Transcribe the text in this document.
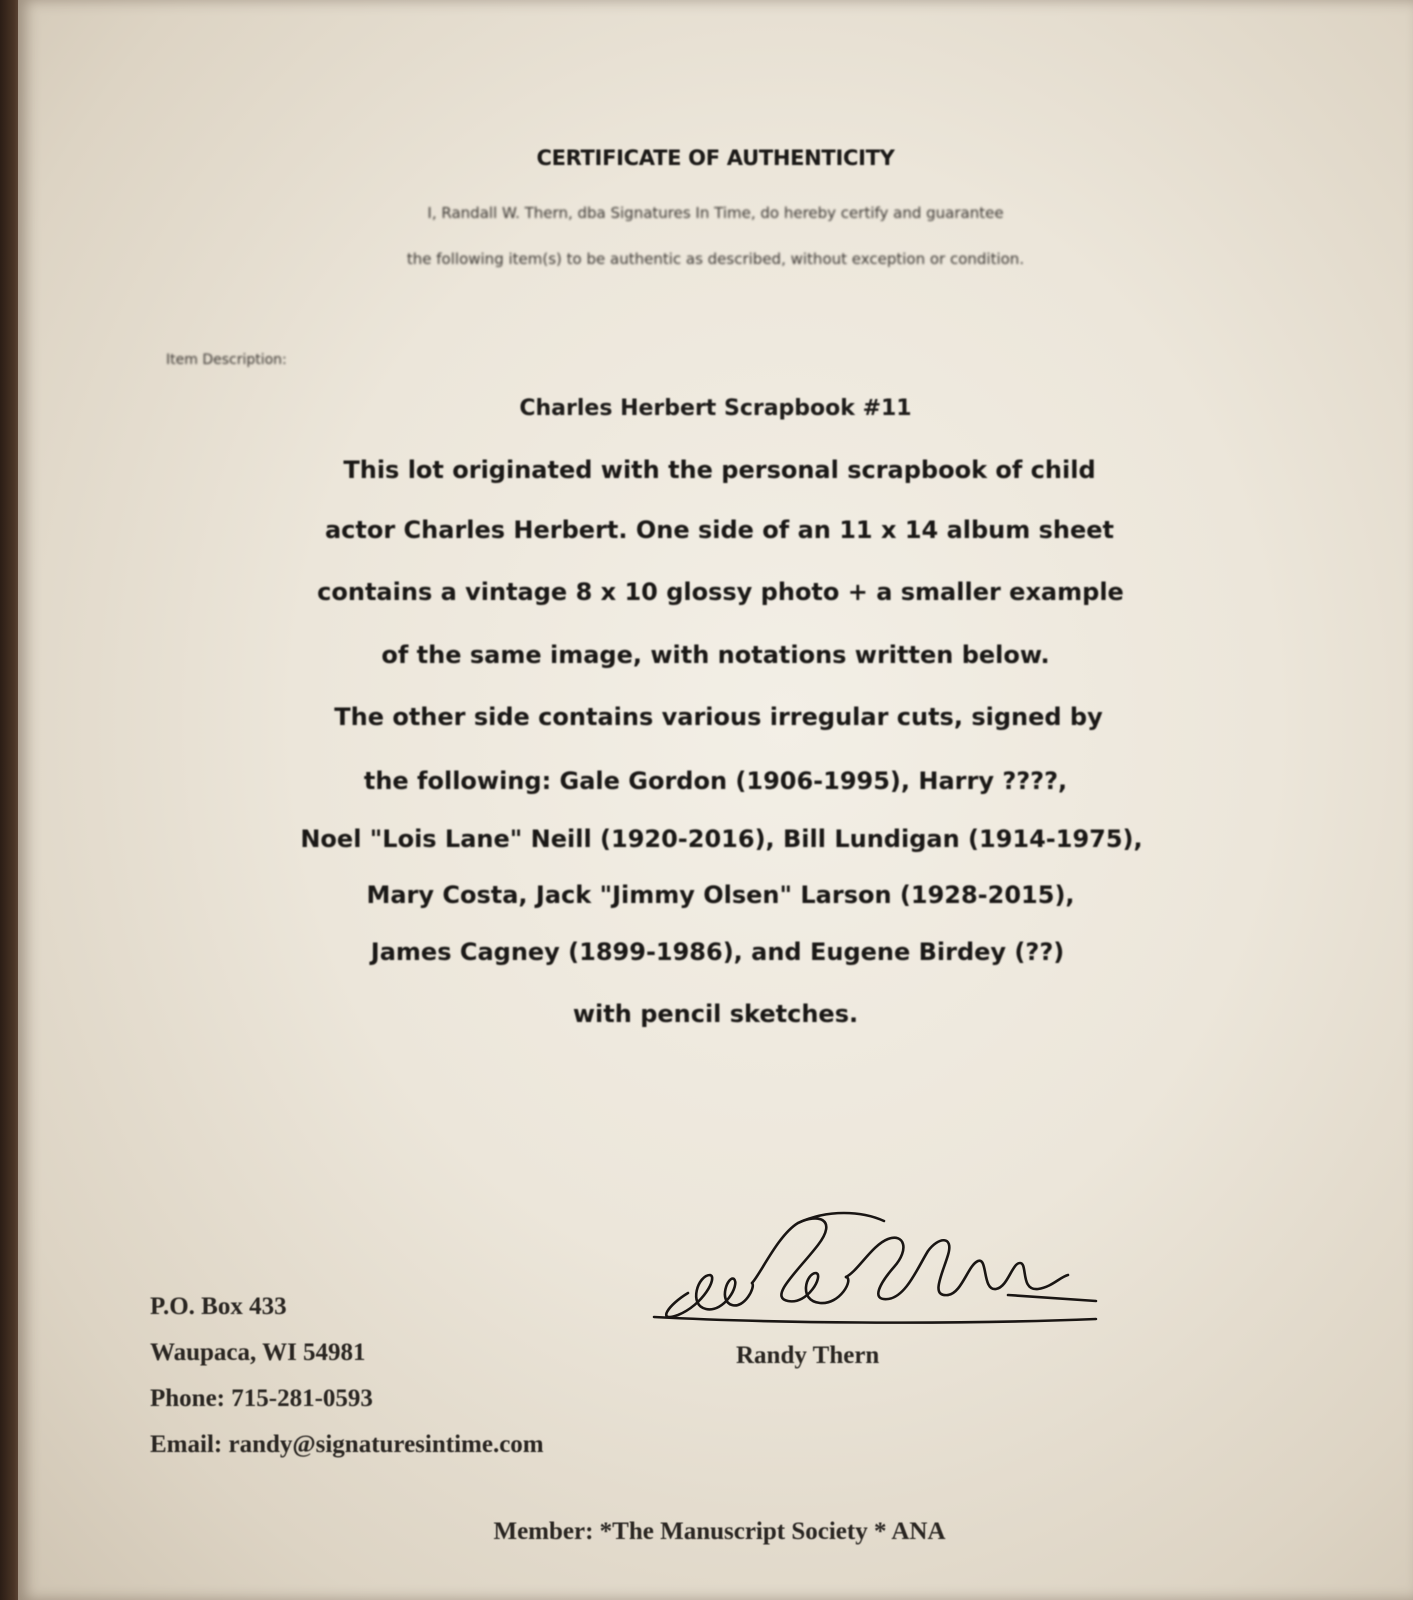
CERTIFICATE OF AUTHENTICITY
I, Randall W. Thern, dba Signatures In Time, do hereby certify and guarantee
the following item(s) to be authentic as described, without exception or condition.
Item Description:
Charles Herbert Scrapbook #11
This lot originated with the personal scrapbook of child
actor Charles Herbert. One side of an 11 x 14 album sheet
contains a vintage 8 x 10 glossy photo + a smaller example
of the same image, with notations written below.
The other side contains various irregular cuts, signed by
the following: Gale Gordon (1906-1995), Harry ????,
Noel "Lois Lane" Neill (1920-2016), Bill Lundigan (1914-1975),
Mary Costa, Jack "Jimmy Olsen" Larson (1928-2015),
James Cagney (1899-1986), and Eugene Birdey (??)
with pencil sketches.
P.O. Box 433
Waupaca, WI 54981
Phone: 715-281-0593
Email: randy@signaturesintime.com
Randy Thern
Member: *The Manuscript Society * ANA
